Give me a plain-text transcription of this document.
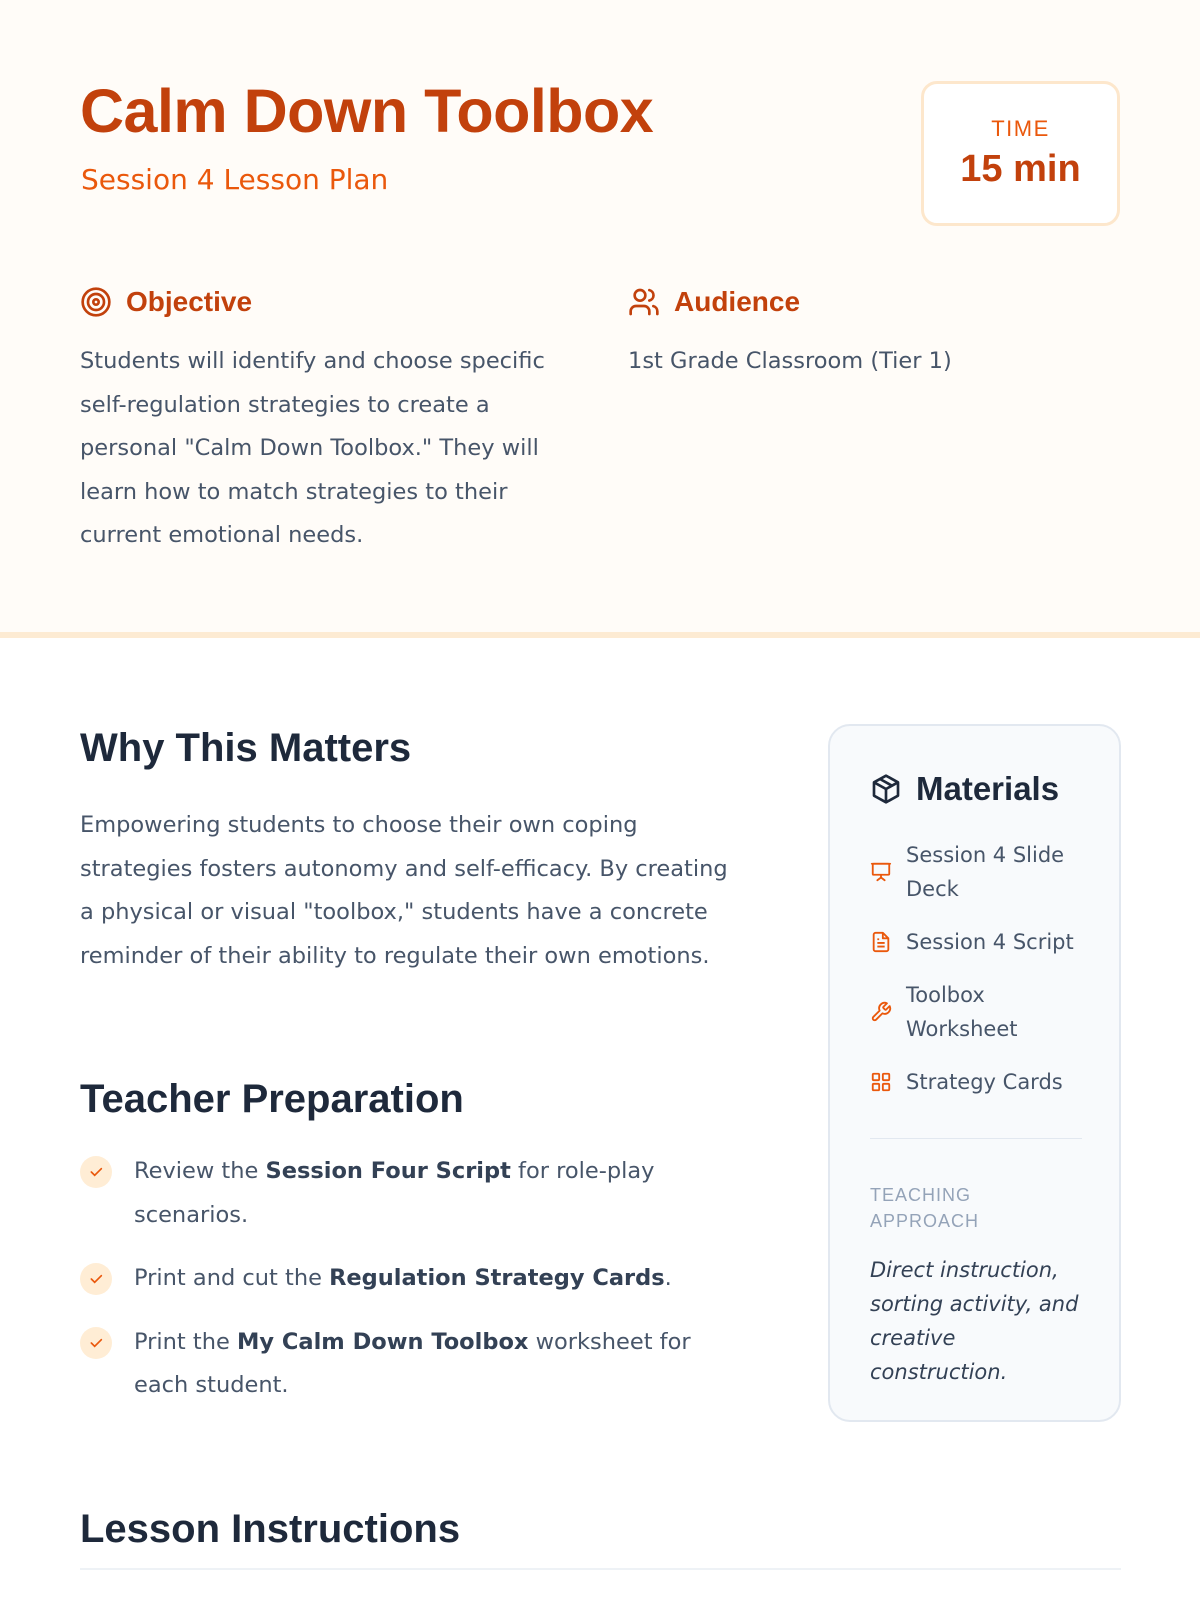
Calm Down Toolbox
Session 4 Lesson Plan
TIME
15 min
Objective

Students will identify and choose specific self-regulation strategies to create a personal "Calm Down Toolbox." They will learn how to match strategies to their current emotional needs.

Audience

1st Grade Classroom (Tier 1)

Why This Matters

Empowering students to choose their own coping strategies fosters autonomy and self-efficacy. By creating a physical or visual "toolbox," students have a concrete reminder of their ability to regulate their own emotions.

Teacher Preparation
Review the Session Four Script for role-play scenarios.
Print and cut the Regulation Strategy Cards.
Print the My Calm Down Toolbox worksheet for each student.
Materials
Session 4 Slide Deck
Session 4 Script
Toolbox Worksheet
Strategy Cards
TEACHING APPROACH

Direct instruction, sorting activity, and creative construction.

Lesson Instructions
